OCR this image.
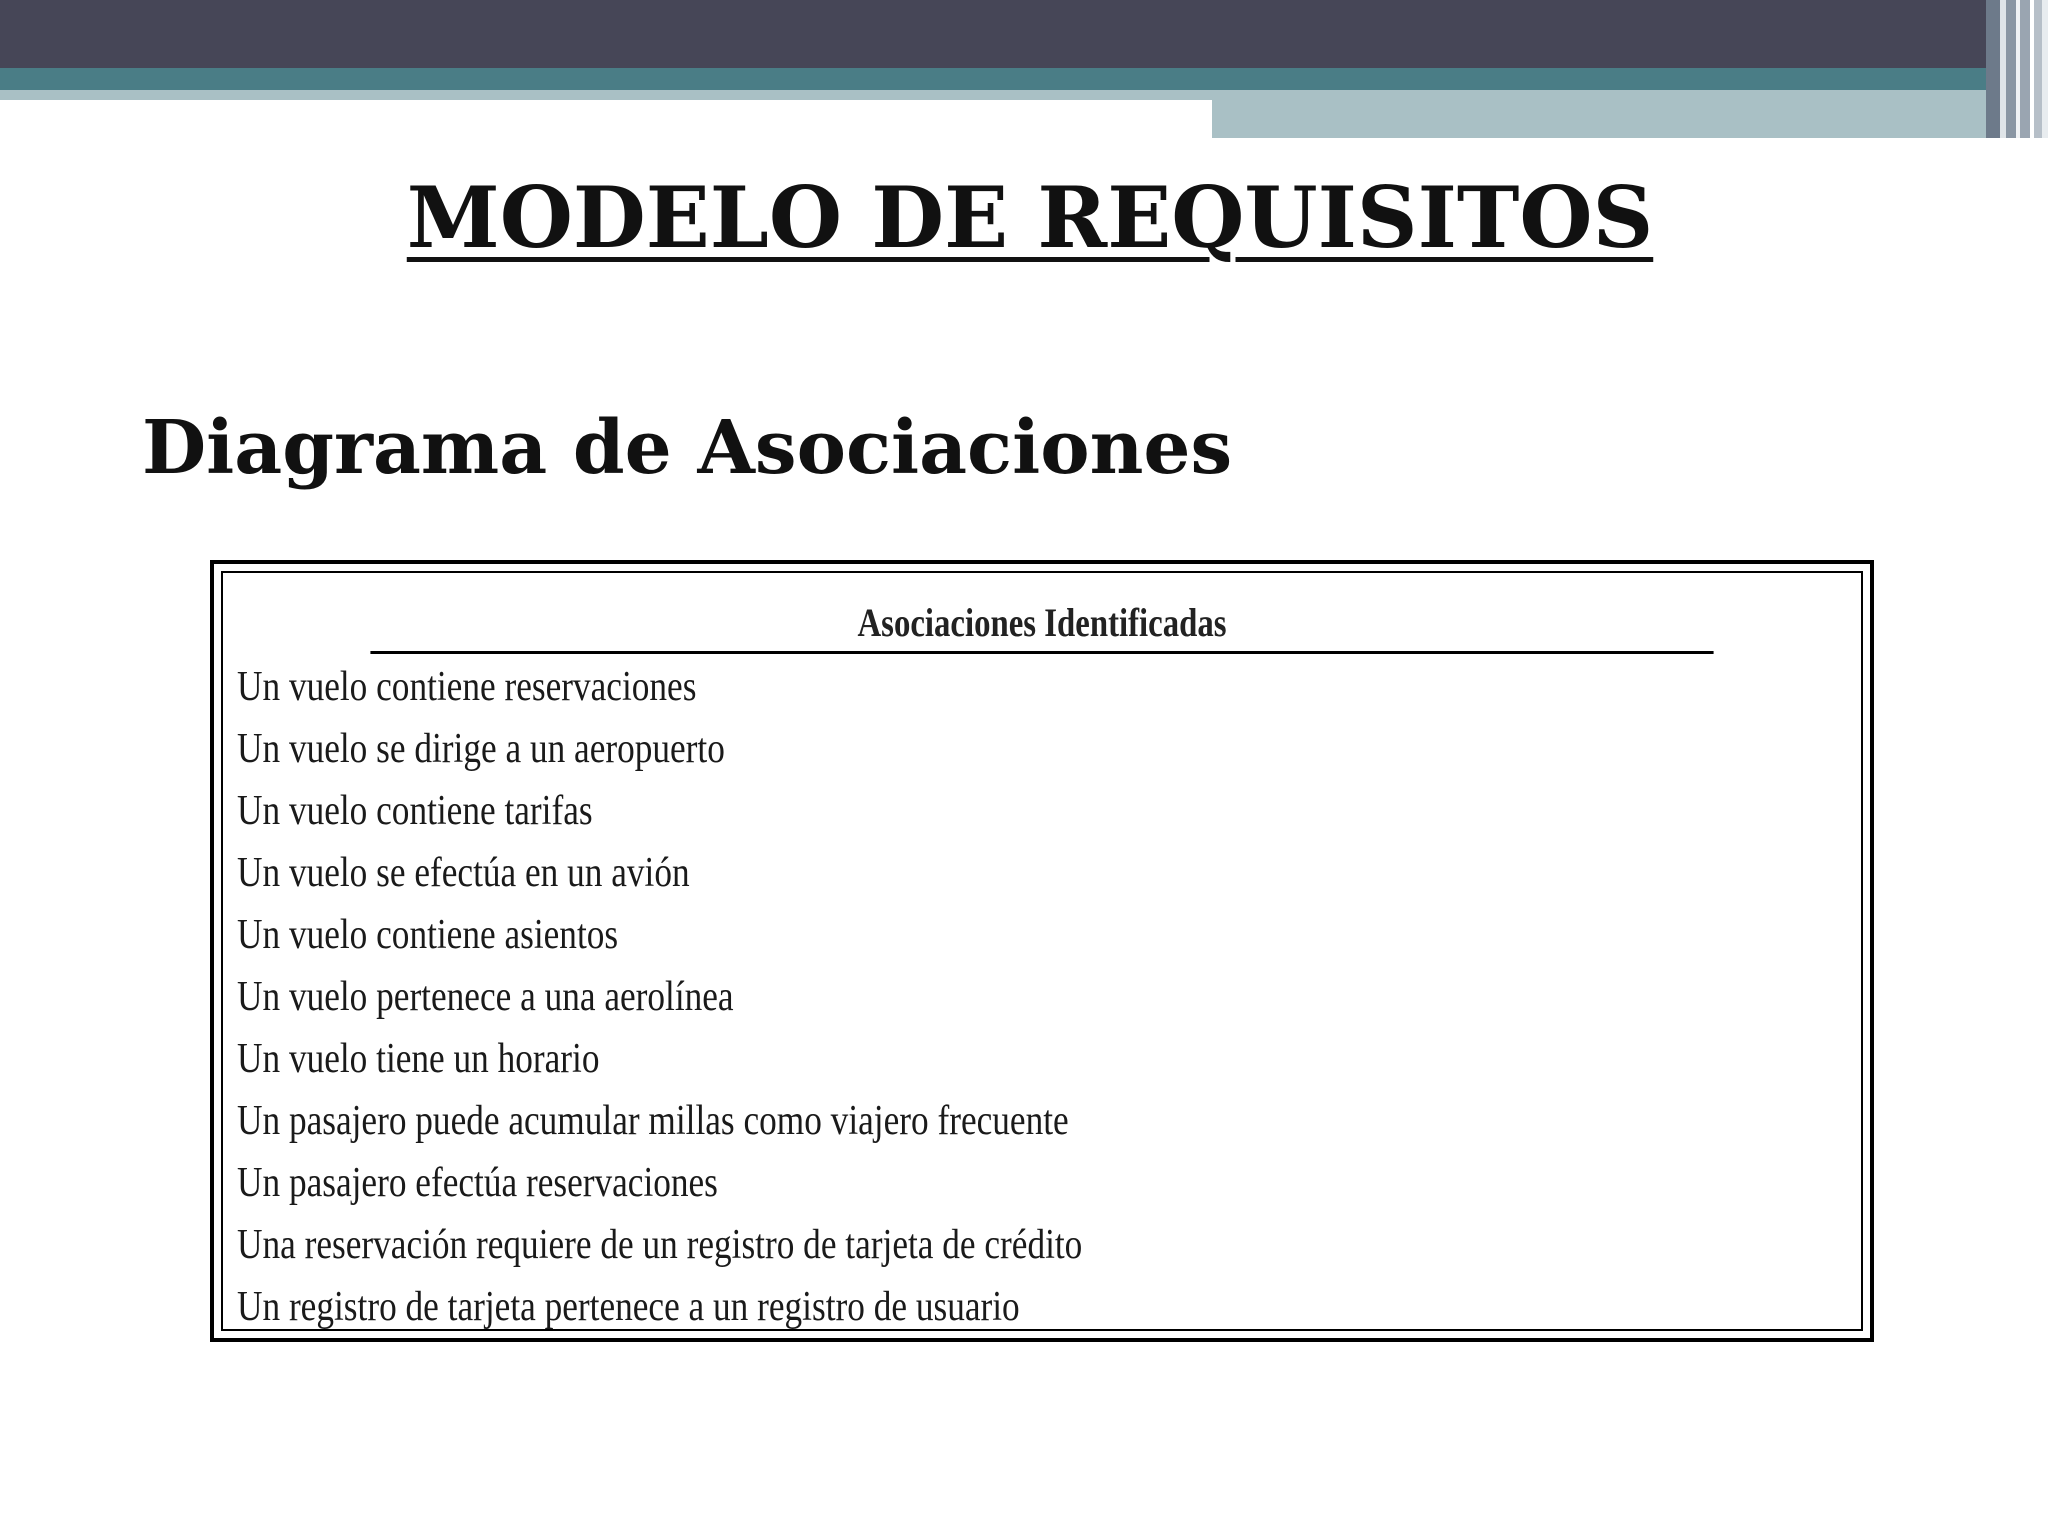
MODELO DE REQUISITOS
Diagrama de Asociaciones
Asociaciones Identificadas
Un vuelo contiene reservaciones
Un vuelo se dirige a un aeropuerto
Un vuelo contiene tarifas
Un vuelo se efectúa en un avión
Un vuelo contiene asientos
Un vuelo pertenece a una aerolínea
Un vuelo tiene un horario
Un pasajero puede acumular millas como viajero frecuente
Un pasajero efectúa reservaciones
Una reservación requiere de un registro de tarjeta de crédito
Un registro de tarjeta pertenece a un registro de usuario
